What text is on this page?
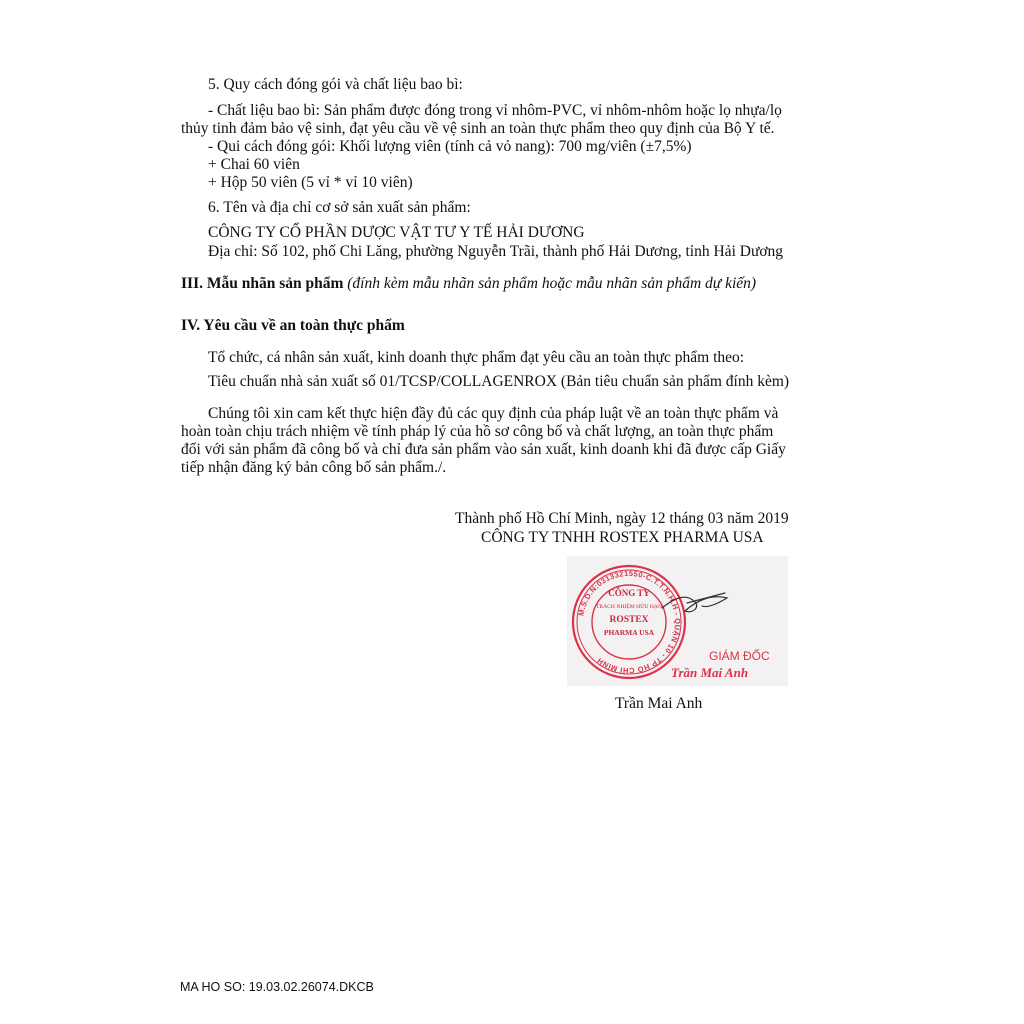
5. Quy cách đóng gói và chất liệu bao bì:
- Chất liệu bao bì: Sản phẩm được đóng trong vỉ nhôm-PVC, vỉ nhôm-nhôm hoặc lọ nhựa/lọ
thủy tinh đảm bảo vệ sinh, đạt yêu cầu về vệ sinh an toàn thực phẩm theo quy định của Bộ Y tế.
- Qui cách đóng gói: Khối lượng viên (tính cả vỏ nang): 700 mg/viên (±7,5%)
+ Chai 60 viên
+ Hộp 50 viên (5 vỉ * vỉ 10 viên)
6. Tên và địa chỉ cơ sở sản xuất sản phẩm:
CÔNG TY CỔ PHẦN DƯỢC VẬT TƯ Y TẾ HẢI DƯƠNG
Địa chỉ: Số 102, phố Chi Lăng, phường Nguyễn Trãi, thành phố Hải Dương, tỉnh Hải Dương
III. Mẫu nhãn sản phẩm (đính kèm mẫu nhãn sản phẩm hoặc mẫu nhãn sản phẩm dự kiến)
IV. Yêu cầu về an toàn thực phẩm
Tổ chức, cá nhân sản xuất, kinh doanh thực phẩm đạt yêu cầu an toàn thực phẩm theo:
Tiêu chuẩn nhà sản xuất số 01/TCSP/COLLAGENROX (Bản tiêu chuẩn sản phẩm đính kèm)
Chúng tôi xin cam kết thực hiện đầy đủ các quy định của pháp luật về an toàn thực phẩm và
hoàn toàn chịu trách nhiệm về tính pháp lý của hồ sơ công bố và chất lượng, an toàn thực phẩm
đối với sản phẩm đã công bố và chỉ đưa sản phẩm vào sản xuất, kinh doanh khi đã được cấp Giấy
tiếp nhận đăng ký bản công bố sản phẩm./.
Thành phố Hồ Chí Minh, ngày 12 tháng 03 năm 2019
CÔNG TY TNHH ROSTEX PHARMA USA
M.S.D.N:0313321550-C.T.T.N.H.H - QUẬN 10 - TP HỒ CHÍ MINH
CÔNG TY
TRÁCH NHIỆM HỮU HẠN
ROSTEX
PHARMA USA
GIÁM ĐỐC
Trần Mai Anh
Trần Mai Anh
MA HO SO: 19.03.02.26074.DKCB
